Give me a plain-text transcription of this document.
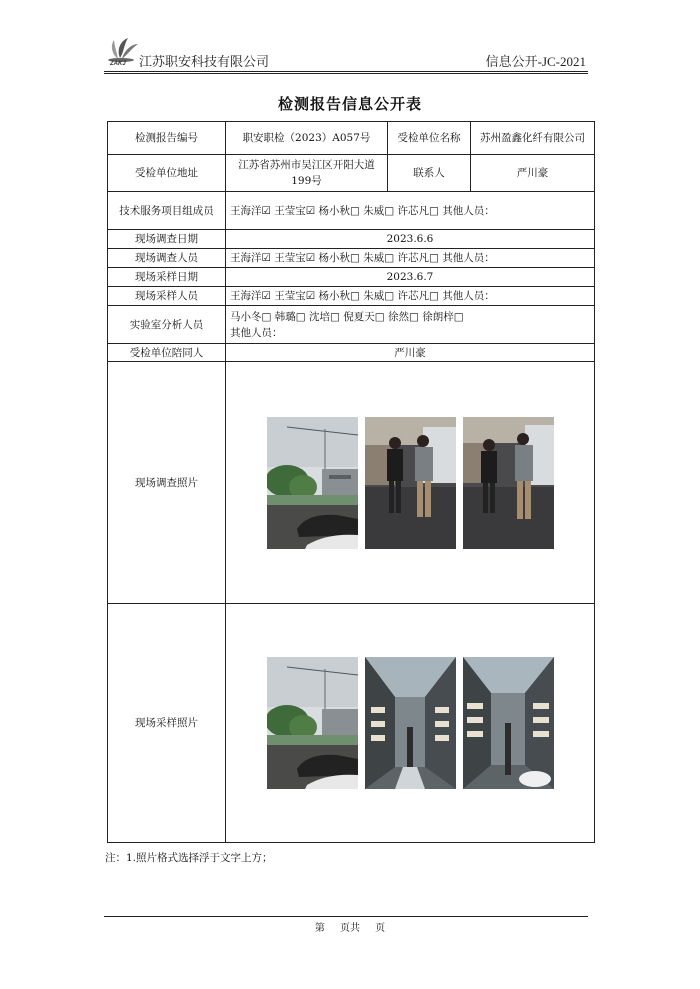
ZAKJ 江苏职安科技有限公司	信息公开-JC-2021
检测报告信息公开表
检测报告编号	职安职检（2023）A057号	受检单位名称	苏州盈鑫化纤有限公司
受检单位地址	江苏省苏州市吴江区开阳大道199号	联系人	严川豪
技术服务项目组成员	王海洋☑ 王莹宝☑ 杨小秋□ 朱威□ 许芯凡□ 其他人员：		
现场调查日期	2023.6.6		
现场调查人员	王海洋☑ 王莹宝☑ 杨小秋□ 朱威□ 许芯凡□ 其他人员：		
现场采样日期	2023.6.7		
现场采样人员	王海洋☑ 王莹宝☑ 杨小秋□ 朱威□ 许芯凡□ 其他人员：		
实验室分析人员	马小冬□ 韩璐□ 沈培□ 倪夏天□ 徐然□ 徐朗梓□
其他人员：		

受检单位陪同人	严川豪		
现场调查照片	

现场采样照片	
注：1.照片格式选择浮于文字上方；
第 页共 页
